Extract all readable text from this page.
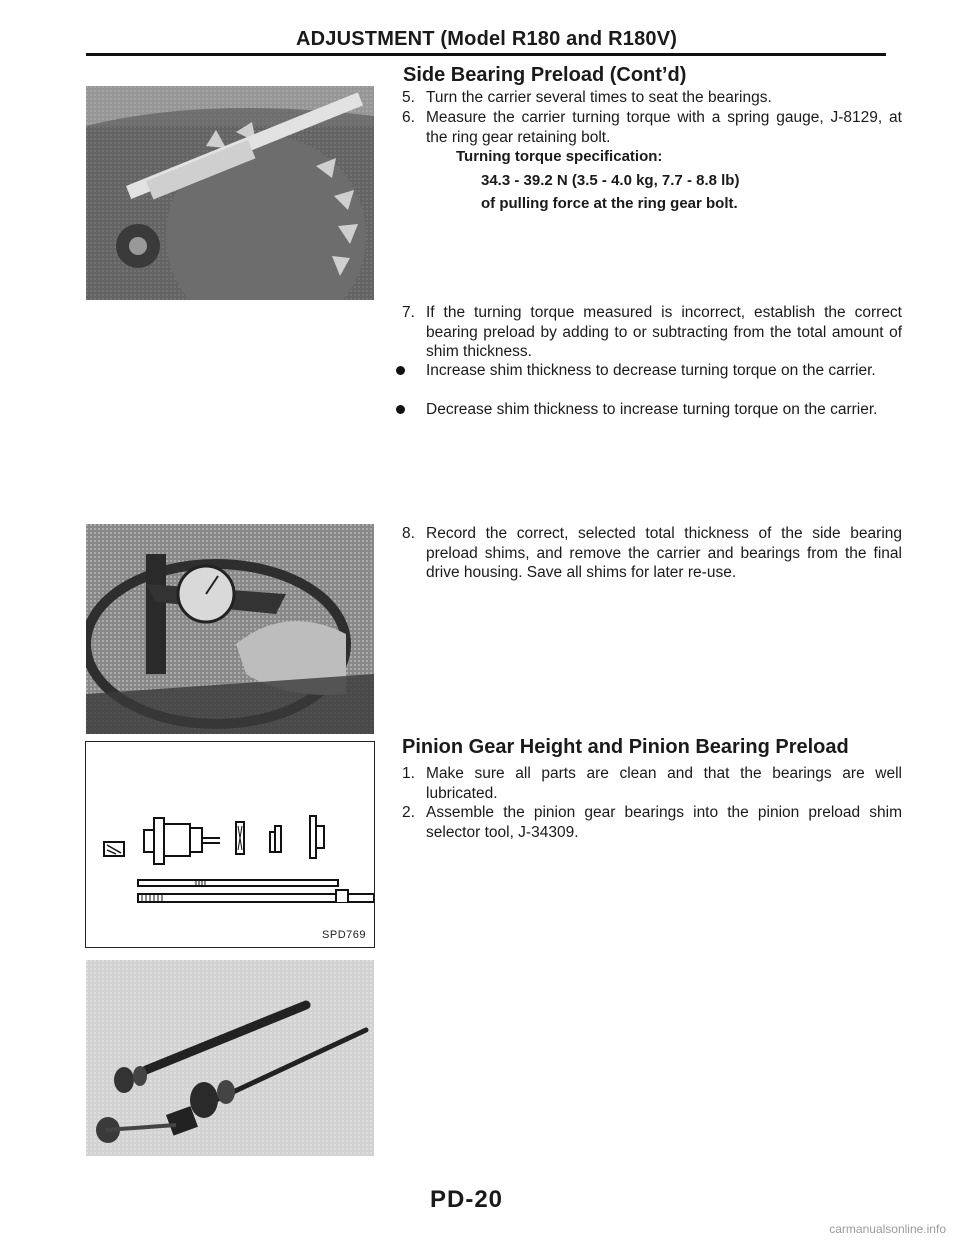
ADJUSTMENT (Model R180 and R180V)
SPD769
Side Bearing Preload (Cont’d)
5. Turn the carrier several times to seat the bearings.
6. Measure the carrier turning torque with a spring gauge, J-8129, at the ring gear retaining bolt.
Turning torque specification:
34.3 - 39.2 N (3.5 - 4.0 kg, 7.7 - 8.8 lb)
of pulling force at the ring gear bolt.
7. If the turning torque measured is incorrect, establish the correct bearing preload by adding to or subtracting from the total amount of shim thickness.
Increase shim thickness to decrease turning torque on the carrier.
Decrease shim thickness to increase turning torque on the carrier.
8. Record the correct, selected total thickness of the side bearing preload shims, and remove the carrier and bearings from the final drive housing. Save all shims for later re-use.
Pinion Gear Height and Pinion Bearing Preload
1. Make sure all parts are clean and that the bearings are well lubricated.
2. Assemble the pinion gear bearings into the pinion preload shim selector tool, J-34309.
PD-20
carmanualsonline.info
